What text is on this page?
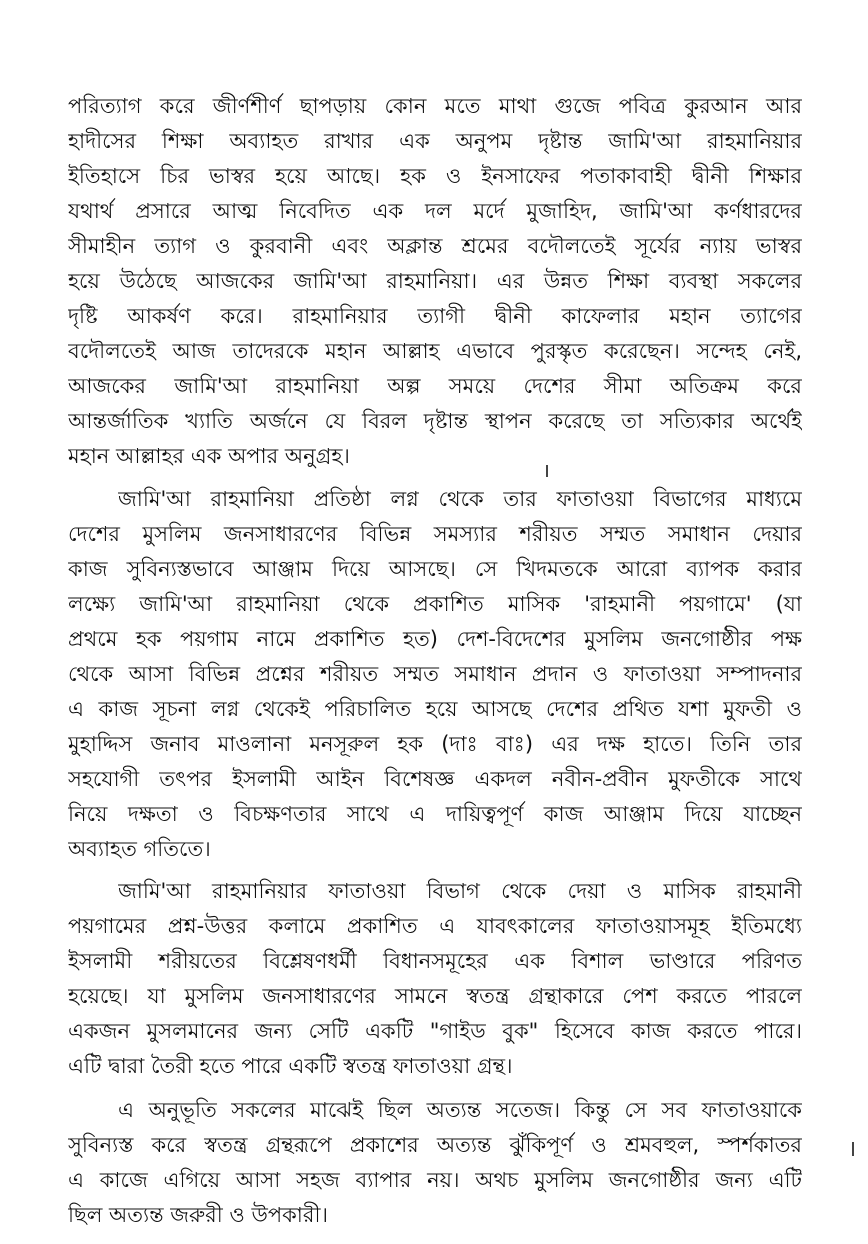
পরিত্যাগ করে জীর্ণশীর্ণ ছাপড়ায় কোন মতে মাথা গুজে পবিত্র কুরআন আর
হাদীসের শিক্ষা অব্যাহত রাখার এক অনুপম দৃষ্টান্ত জামি'আ রাহমানিয়ার
ইতিহাসে চির ভাস্বর হয়ে আছে। হক ও ইনসাফের পতাকাবাহী দ্বীনী শিক্ষার
যথার্থ প্রসারে আত্ম নিবেদিত এক দল মর্দে মুজাহিদ, জামি'আ কর্ণধারদের
সীমাহীন ত্যাগ ও কুরবানী এবং অক্লান্ত শ্রমের বদৌলতেই সূর্যের ন্যায় ভাস্বর
হয়ে উঠেছে আজকের জামি'আ রাহমানিয়া। এর উন্নত শিক্ষা ব্যবস্থা সকলের
দৃষ্টি আকর্ষণ করে। রাহমানিয়ার ত্যাগী দ্বীনী কাফেলার মহান ত্যাগের
বদৌলতেই আজ তাদেরকে মহান আল্লাহ এভাবে পুরস্কৃত করেছেন। সন্দেহ নেই,
আজকের জামি'আ রাহমানিয়া অল্প সময়ে দেশের সীমা অতিক্রম করে
আন্তর্জাতিক খ্যাতি অর্জনে যে বিরল দৃষ্টান্ত স্থাপন করেছে তা সত্যিকার অর্থেই
মহান আল্লাহর এক অপার অনুগ্রহ।
জামি'আ রাহমানিয়া প্রতিষ্ঠা লগ্ন থেকে তার ফাতাওয়া বিভাগের মাধ্যমে
দেশের মুসলিম জনসাধারণের বিভিন্ন সমস্যার শরীয়ত সম্মত সমাধান দেয়ার
কাজ সুবিন্যস্তভাবে আঞ্জাম দিয়ে আসছে। সে খিদমতকে আরো ব্যাপক করার
লক্ষ্যে জামি'আ রাহমানিয়া থেকে প্রকাশিত মাসিক 'রাহমানী পয়গামে' (যা
প্রথমে হক পয়গাম নামে প্রকাশিত হত) দেশ-বিদেশের মুসলিম জনগোষ্ঠীর পক্ষ
থেকে আসা বিভিন্ন প্রশ্নের শরীয়ত সম্মত সমাধান প্রদান ও ফাতাওয়া সম্পাদনার
এ কাজ সূচনা লগ্ন থেকেই পরিচালিত হয়ে আসছে দেশের প্রথিত যশা মুফতী ও
মুহাদ্দিস জনাব মাওলানা মনসূরুল হক (দাঃ বাঃ) এর দক্ষ হাতে। তিনি তার
সহযোগী তৎপর ইসলামী আইন বিশেষজ্ঞ একদল নবীন-প্রবীন মুফতীকে সাথে
নিয়ে দক্ষতা ও বিচক্ষণতার সাথে এ দায়িত্বপূর্ণ কাজ আঞ্জাম দিয়ে যাচ্ছেন
অব্যাহত গতিতে।
জামি'আ রাহমানিয়ার ফাতাওয়া বিভাগ থেকে দেয়া ও মাসিক রাহমানী
পয়গামের প্রশ্ন-উত্তর কলামে প্রকাশিত এ যাবৎকালের ফাতাওয়াসমূহ ইতিমধ্যে
ইসলামী শরীয়তের বিশ্লেষণধর্মী বিধানসমূহের এক বিশাল ভাণ্ডারে পরিণত
হয়েছে। যা মুসলিম জনসাধারণের সামনে স্বতন্ত্র গ্রন্থাকারে পেশ করতে পারলে
একজন মুসলমানের জন্য সেটি একটি "গাইড বুক" হিসেবে কাজ করতে পারে।
এটি দ্বারা তৈরী হতে পারে একটি স্বতন্ত্র ফাতাওয়া গ্রন্থ।
এ অনুভূতি সকলের মাঝেই ছিল অত্যন্ত সতেজ। কিন্তু সে সব ফাতাওয়াকে
সুবিন্যস্ত করে স্বতন্ত্র গ্রন্থরূপে প্রকাশের অত্যন্ত ঝুঁকিপূর্ণ ও শ্রমবহুল, স্পর্শকাতর
এ কাজে এগিয়ে আসা সহজ ব্যাপার নয়। অথচ মুসলিম জনগোষ্ঠীর জন্য এটি
ছিল অত্যন্ত জরুরী ও উপকারী।
